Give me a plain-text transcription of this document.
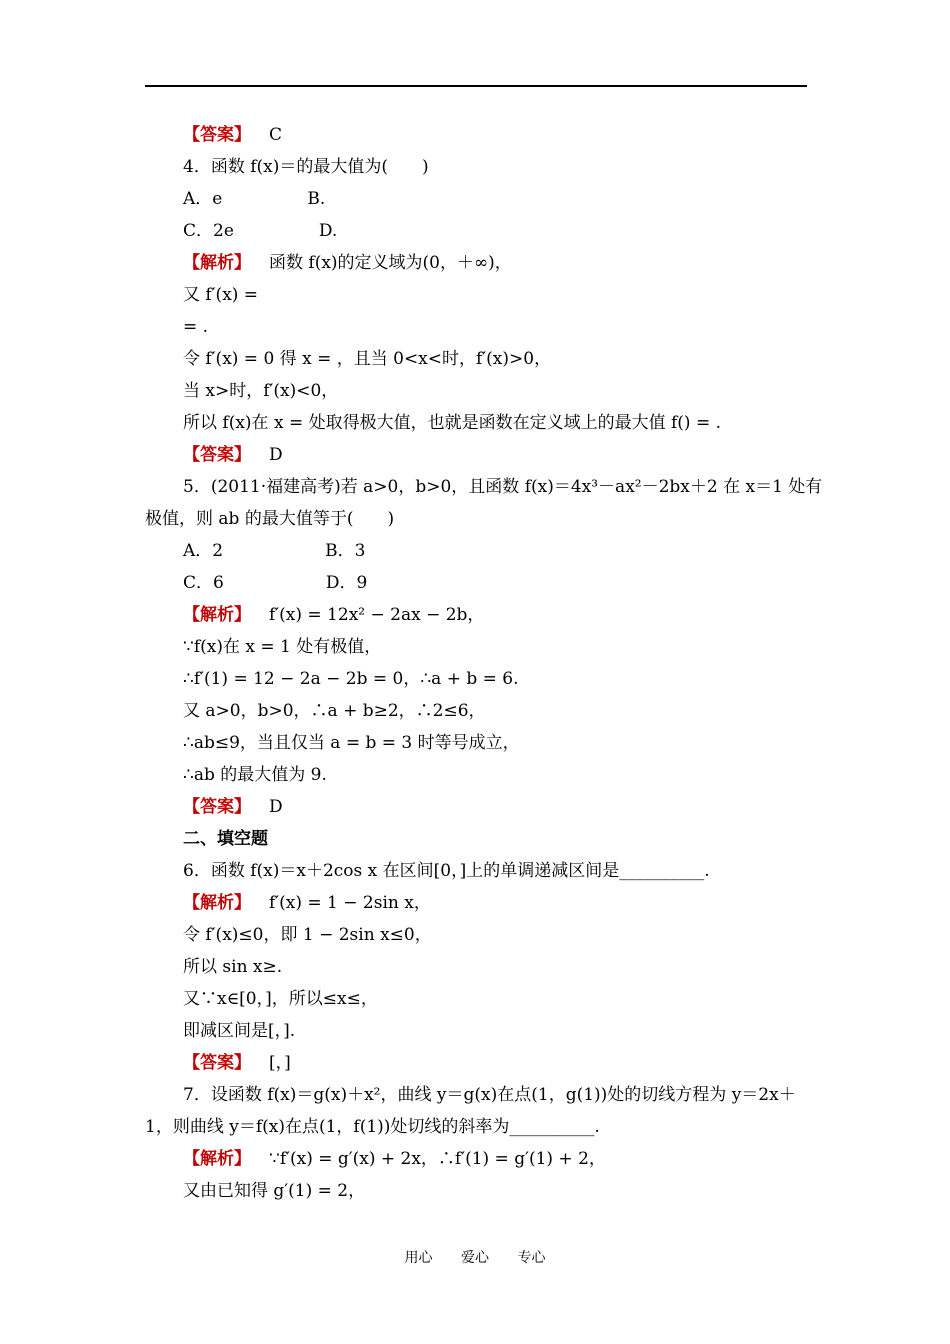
【答案】 C
4．函数 f(x)＝的最大值为(　　)
A．e　　　　　B.
C．2e　　　　　D.
【解析】 函数 f(x)的定义域为(0，＋∞)，
又 f′(x) =
= .
令 f′(x) = 0 得 x = ，且当 0<x<时，f′(x)>0，
当 x>时，f′(x)<0，
所以 f(x)在 x = 处取得极大值，也就是函数在定义域上的最大值 f() = .
【答案】 D
5．(2011·福建高考)若 a>0，b>0，且函数 f(x)＝4x³－ax²－2bx＋2 在 x＝1 处有
极值，则 ab 的最大值等于(　　)
A．2　　　　　　B．3
C．6　　　　　　D．9
【解析】 f′(x) = 12x² − 2ax − 2b，
∵f(x)在 x = 1 处有极值，
∴f′(1) = 12 − 2a − 2b = 0，∴a + b = 6.
又 a>0，b>0，∴a + b≥2，∴2≤6，
∴ab≤9，当且仅当 a = b = 3 时等号成立，
∴ab 的最大值为 9.
【答案】 D
二、填空题
6．函数 f(x)＝x＋2cos x 在区间[0，]上的单调递减区间是__________.
【解析】 f′(x) = 1 − 2sin x，
令 f′(x)≤0，即 1 − 2sin x≤0，
所以 sin x≥.
又∵x∈[0，]，所以≤x≤，
即减区间是[，].
【答案】 [，]
7．设函数 f(x)＝g(x)＋x²，曲线 y＝g(x)在点(1，g(1))处的切线方程为 y＝2x＋
1，则曲线 y＝f(x)在点(1，f(1))处切线的斜率为__________.
【解析】 ∵f′(x) = g′(x) + 2x，∴f′(1) = g′(1) + 2，
又由已知得 g′(1) = 2，
用心 爱心 专心
